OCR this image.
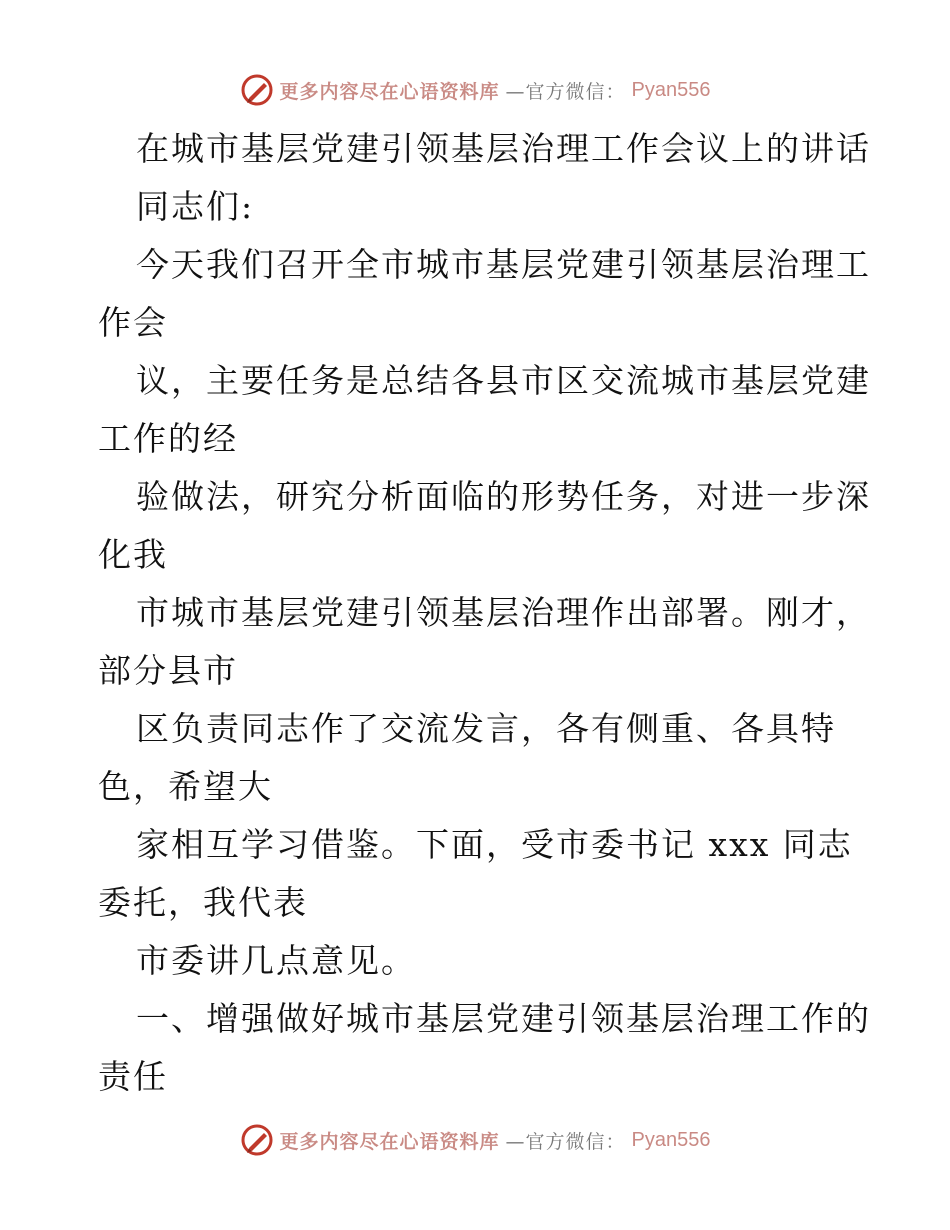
更多内容尽在心语资料库 —官方微信： Pyan556
在城市基层党建引领基层治理工作会议上的讲话
同志们:
今天我们召开全市城市基层党建引领基层治理工
作会
议，主要任务是总结各县市区交流城市基层党建
工作的经
验做法，研究分析面临的形势任务，对进一步深
化我
市城市基层党建引领基层治理作出部署。刚才，
部分县市
区负责同志作了交流发言，各有侧重、各具特
色，希望大
家相互学习借鉴。下面，受市委书记 xxx 同志
委托，我代表
市委讲几点意见。
一、增强做好城市基层党建引领基层治理工作的
责任
更多内容尽在心语资料库 —官方微信： Pyan556
